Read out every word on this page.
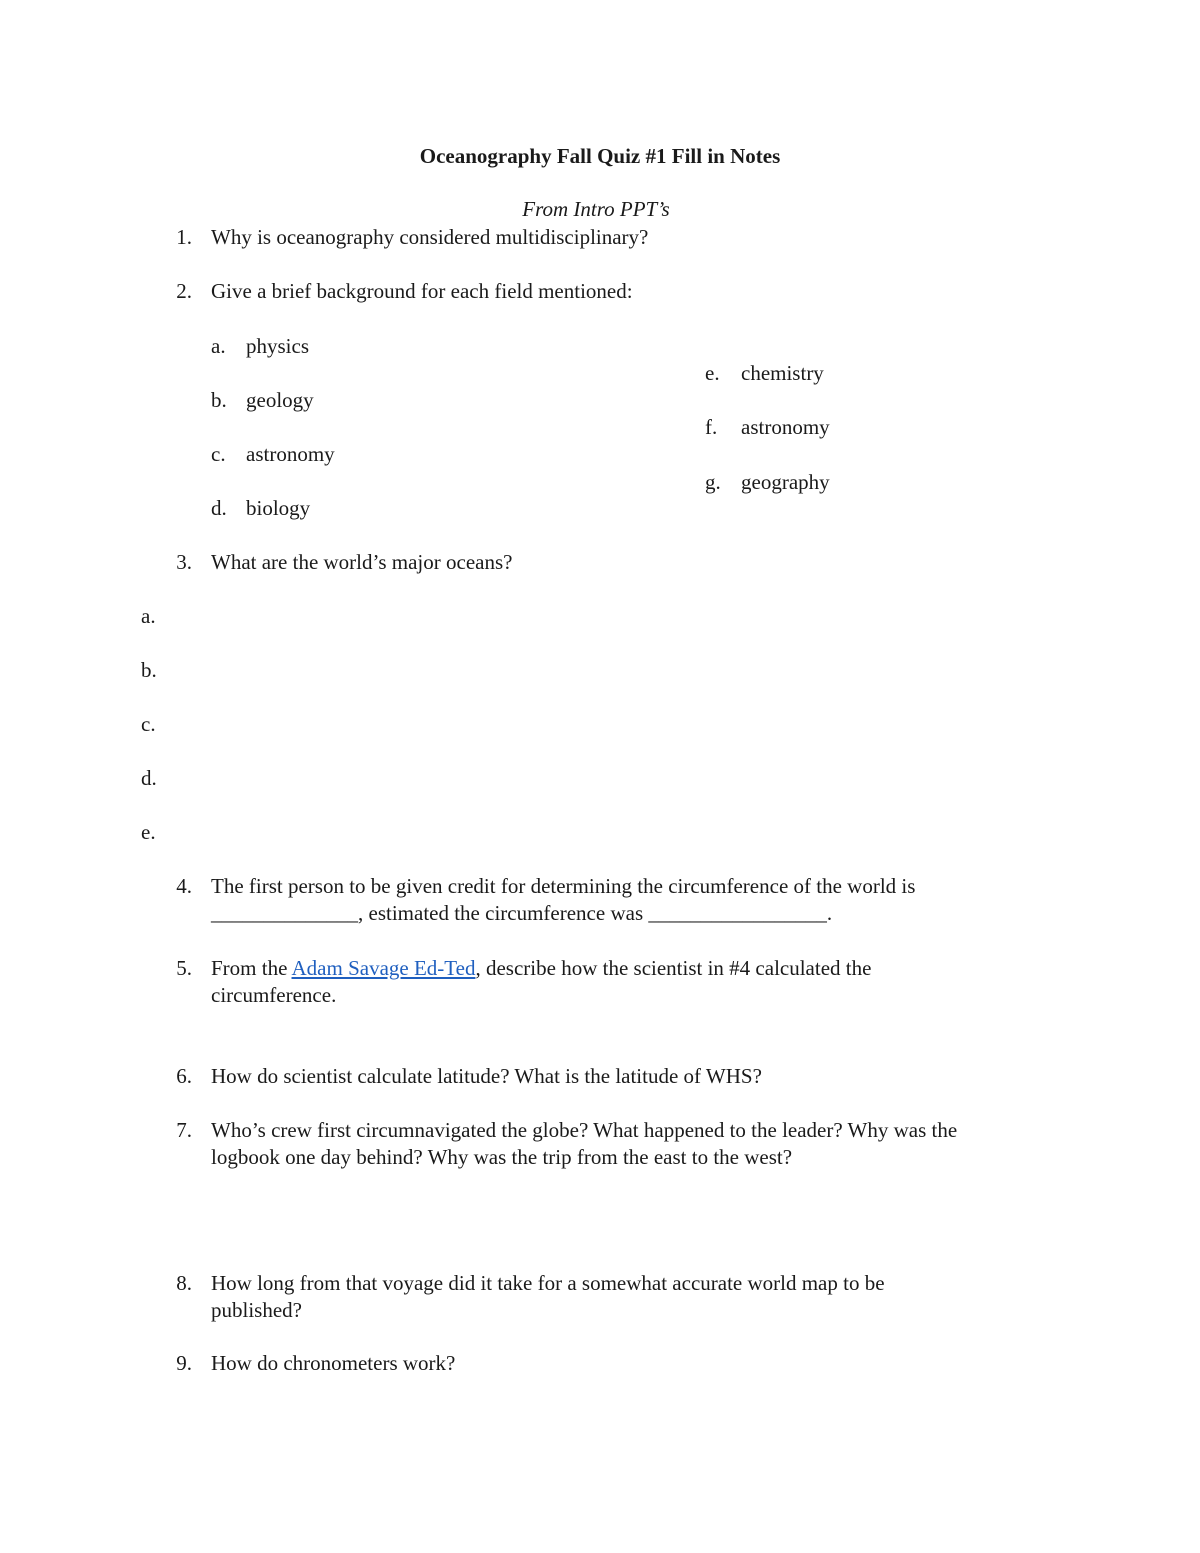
Oceanography Fall Quiz #1 Fill in Notes
From Intro PPT’s
1. Why is oceanography considered multidisciplinary?
2. Give a brief background for each field mentioned:
a. physics
b. geology
c. astronomy
d. biology
e. chemistry
f. astronomy
g. geography
3. What are the world’s major oceans?
a.
b.
c.
d.
e.
4. The first person to be given credit for determining the circumference of the world is
______________, estimated the circumference was _________________.
5. From the Adam Savage Ed-Ted, describe how the scientist in #4 calculated the
circumference.
6. How do scientist calculate latitude? What is the latitude of WHS?
7. Who’s crew first circumnavigated the globe? What happened to the leader? Why was the
logbook one day behind? Why was the trip from the east to the west?
8. How long from that voyage did it take for a somewhat accurate world map to be
published?
9. How do chronometers work?
